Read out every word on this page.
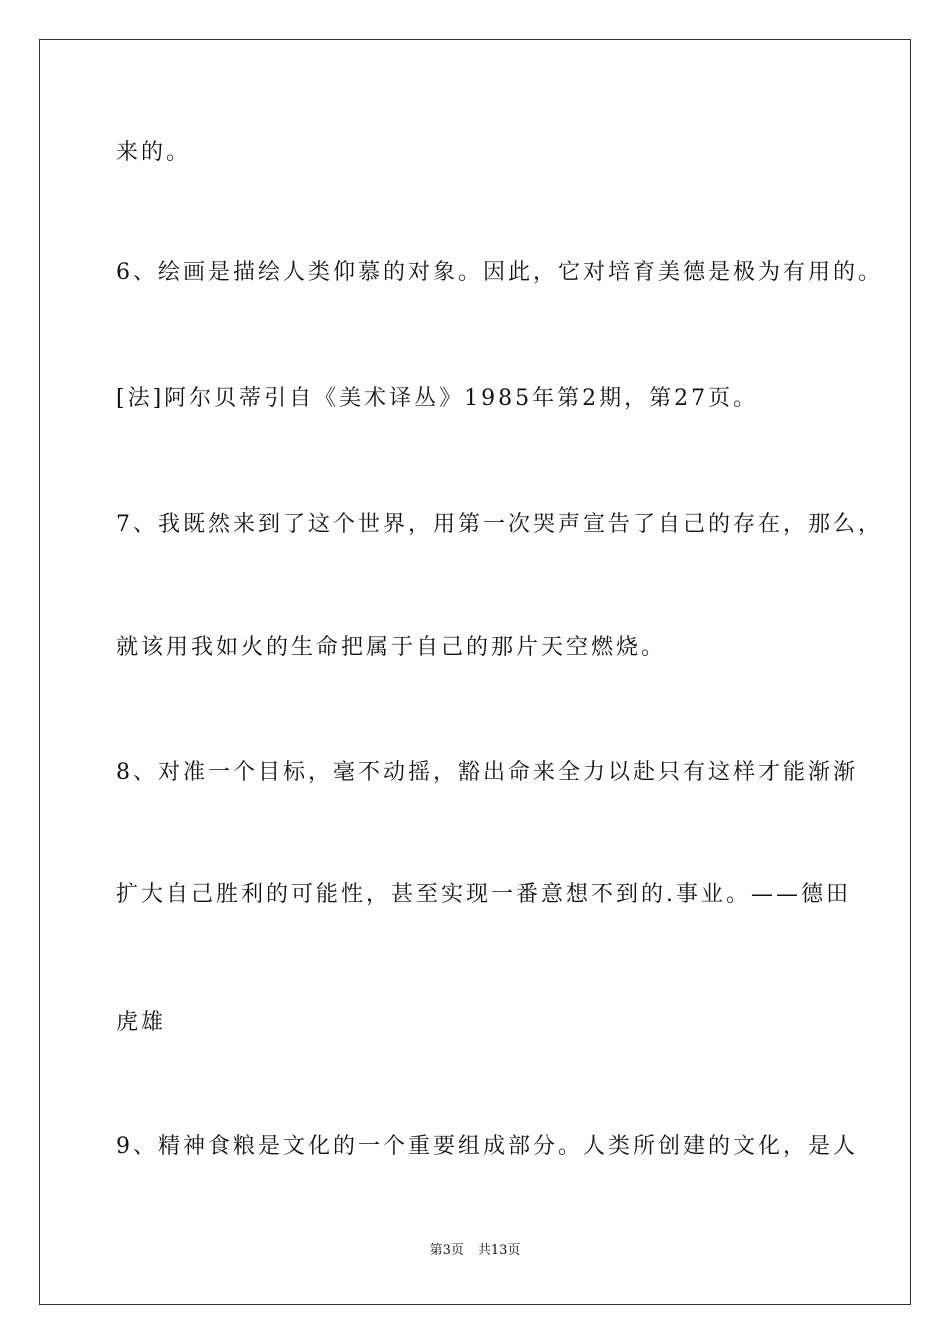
来的。
6、绘画是描绘人类仰慕的对象。因此，它对培育美德是极为有用的。
[法]阿尔贝蒂引自《美术译丛》1985年第2期，第27页。
7、我既然来到了这个世界，用第一次哭声宣告了自己的存在，那么，
就该用我如火的生命把属于自己的那片天空燃烧。
8、对准一个目标，毫不动摇，豁出命来全力以赴只有这样才能渐渐
扩大自己胜利的可能性，甚至实现一番意想不到的.事业。——德田
虎雄
9、精神食粮是文化的一个重要组成部分。人类所创建的文化，是人
第3页 共13页
